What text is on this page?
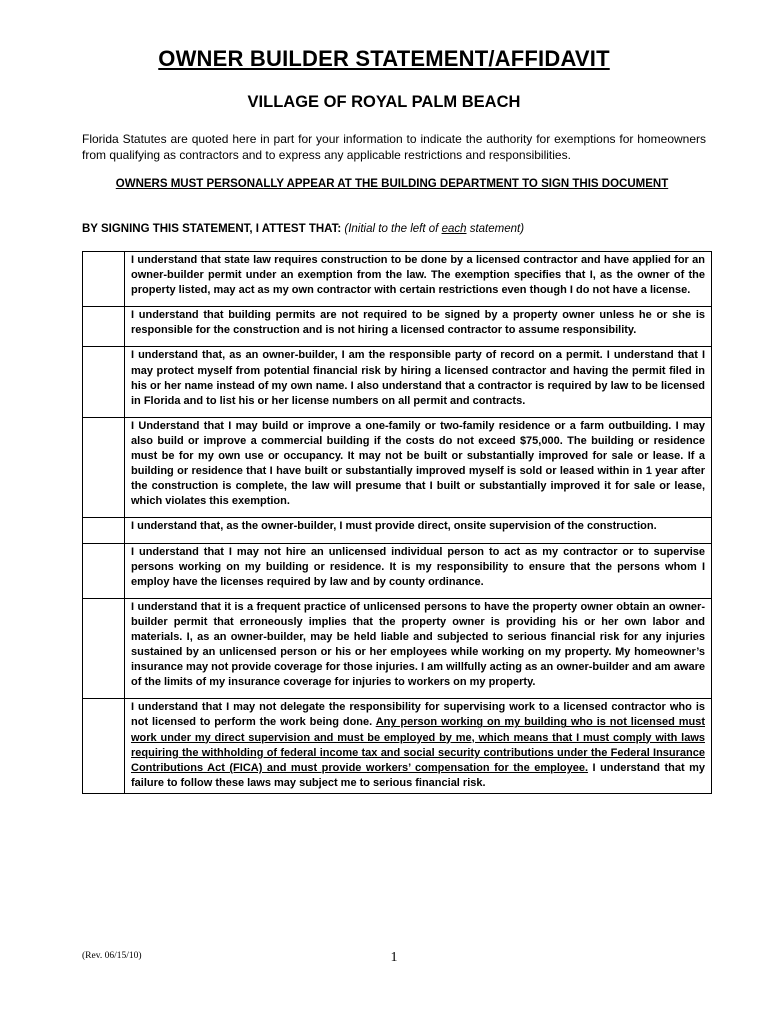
OWNER BUILDER STATEMENT/AFFIDAVIT
VILLAGE OF ROYAL PALM BEACH
Florida Statutes are quoted here in part for your information to indicate the authority for exemptions for homeowners from qualifying as contractors and to express any applicable restrictions and responsibilities.
OWNERS MUST PERSONALLY APPEAR AT THE BUILDING DEPARTMENT TO SIGN THIS DOCUMENT
BY SIGNING THIS STATEMENT, I ATTEST THAT: (Initial to the left of each statement)
	I understand that state law requires construction to be done by a licensed contractor and have applied for an owner-builder permit under an exemption from the law. The exemption specifies that I, as the owner of the property listed, may act as my own contractor with certain restrictions even though I do not have a license.
	I understand that building permits are not required to be signed by a property owner unless he or she is responsible for the construction and is not hiring a licensed contractor to assume responsibility.
	I understand that, as an owner-builder, I am the responsible party of record on a permit. I understand that I may protect myself from potential financial risk by hiring a licensed contractor and having the permit filed in his or her name instead of my own name. I also understand that a contractor is required by law to be licensed in Florida and to list his or her license numbers on all permit and contracts.
	I Understand that I may build or improve a one-family or two-family residence or a farm outbuilding. I may also build or improve a commercial building if the costs do not exceed $75,000. The building or residence must be for my own use or occupancy. It may not be built or substantially improved for sale or lease. If a building or residence that I have built or substantially improved myself is sold or leased within in 1 year after the construction is complete, the law will presume that I built or substantially improved it for sale or lease, which violates this exemption.
	I understand that, as the owner-builder, I must provide direct, onsite supervision of the construction.
	I understand that I may not hire an unlicensed individual person to act as my contractor or to supervise persons working on my building or residence. It is my responsibility to ensure that the persons whom I employ have the licenses required by law and by county ordinance.
	I understand that it is a frequent practice of unlicensed persons to have the property owner obtain an owner-builder permit that erroneously implies that the property owner is providing his or her own labor and materials. I, as an owner-builder, may be held liable and subjected to serious financial risk for any injuries sustained by an unlicensed person or his or her employees while working on my property. My homeowner’s insurance may not provide coverage for those injuries. I am willfully acting as an owner-builder and am aware of the limits of my insurance coverage for injuries to workers on my property.
	I understand that I may not delegate the responsibility for supervising work to a licensed contractor who is not licensed to perform the work being done. Any person working on my building who is not licensed must work under my direct supervision and must be employed by me, which means that I must comply with laws requiring the withholding of federal income tax and social security contributions under the Federal Insurance Contributions Act (FICA) and must provide workers’ compensation for the employee. I understand that my failure to follow these laws may subject me to serious financial risk.
(Rev. 06/15/10)	1
